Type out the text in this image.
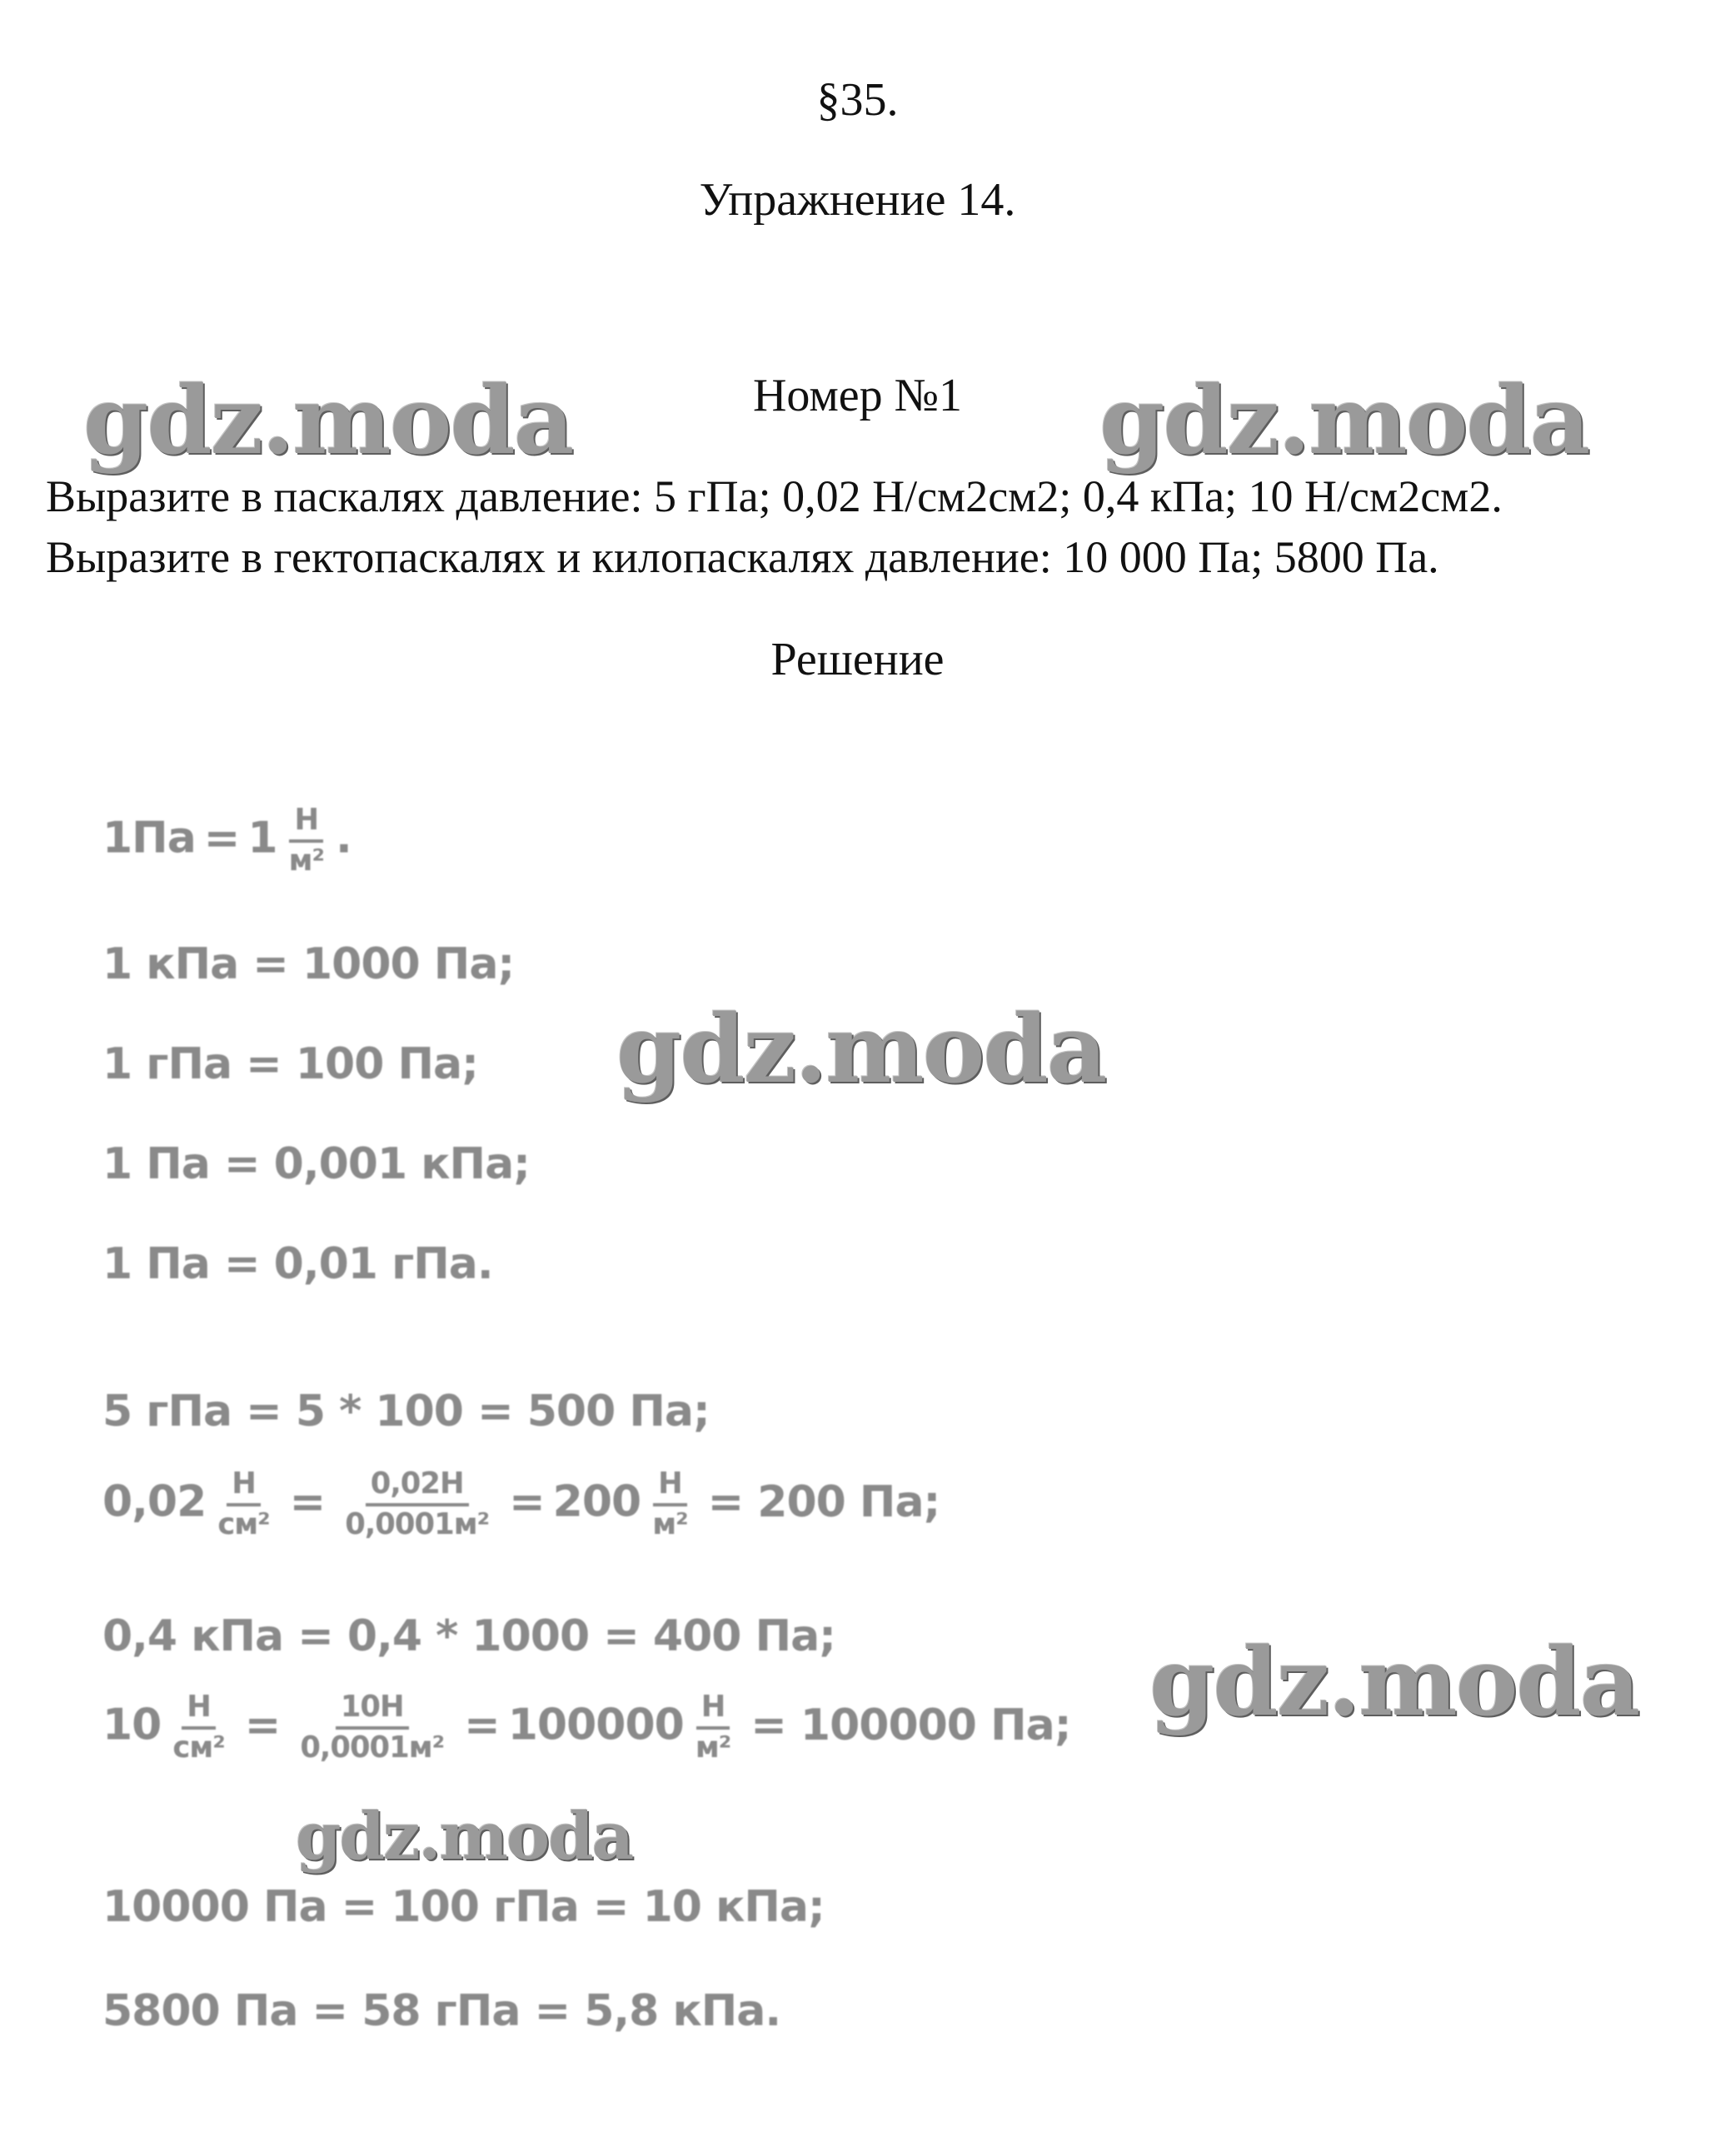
§35.
Упражнение 14.
Номер №1
Выразите в паскалях давление: 5 гПа; 0,02 Н/см2см2; 0,4 кПа; 10 Н/см2см2.
Выразите в гектопаскалях и килопаскалях давление: 10 000 Па; 5800 Па.
Решение
$1Па = 1 \frac{Н}{\text{м²}}$ .
1 кПа = 1000 Па;
1 гПа = 100 Па;
1 Па = 0,001 кПа;
1 Па = 0,01 гПа.
5 гПа = 5 * 100 = 500 Па;
$0,02 \frac{Н}{\text{см²}} = \frac{0,02Н}{\text{0,0001м²}} = 200 \frac{Н}{\text{м²}} = 200$ Па;
0,4 кПа = 0,4 * 1000 = 400 Па;
$10 \frac{Н}{\text{см²}} = \frac{10Н}{\text{0,0001м²}} = 100000 \frac{Н}{\text{м²}} = 100000$ Па;
10000 Па = 100 гПа = 10 кПа;
5800 Па = 58 гПа = 5,8 кПа.
gdz.moda	gdz.moda
gdz.moda
gdz.moda
gdz.moda
